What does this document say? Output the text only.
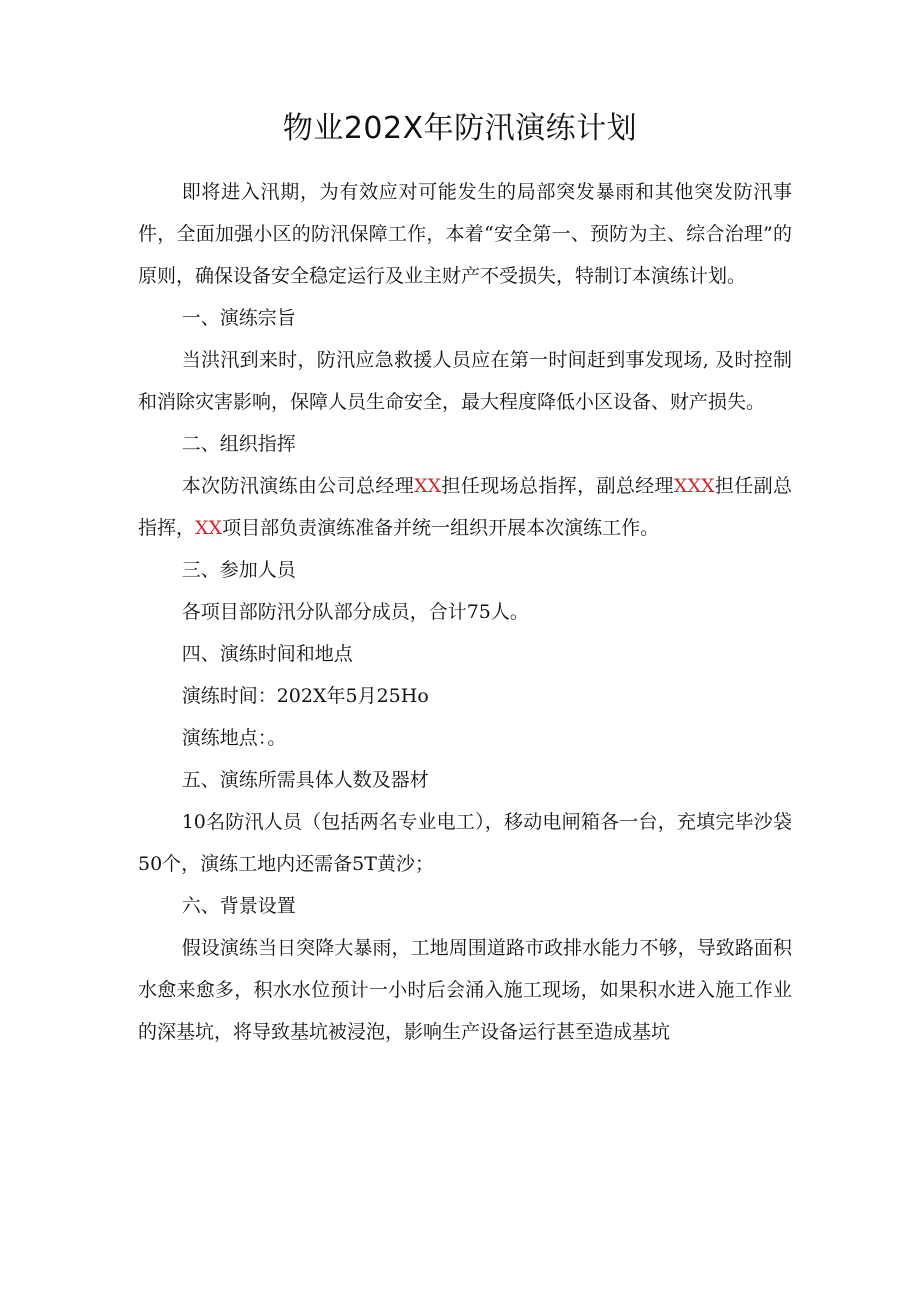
物业202X年防汛演练计划

即将进入汛期，为有效应对可能发生的局部突发暴雨和其他突发防汛事件，全面加强小区的防汛保障工作，本着“安全第一、预防为主、综合治理”的原则，确保设备安全稳定运行及业主财产不受损失，特制订本演练计划。

一、演练宗旨

当洪汛到来时，防汛应急救援人员应在第一时间赶到事发现场, 及时控制和消除灾害影响，保障人员生命安全，最大程度降低小区设备、财产损失。

二、组织指挥

本次防汛演练由公司总经理XX担任现场总指挥，副总经理XXX担任副总指挥，XX项目部负责演练准备并统一组织开展本次演练工作。

三、参加人员

各项目部防汛分队部分成员，合计75人。

四、演练时间和地点

演练时间：202X年5月25Ho

演练地点：。

五、演练所需具体人数及器材

10名防汛人员（包括两名专业电工），移动电闸箱各一台，充填完毕沙袋50个，演练工地内还需备5T黄沙；

六、背景设置

假设演练当日突降大暴雨，工地周围道路市政排水能力不够，导致路面积水愈来愈多，积水水位预计一小时后会涌入施工现场，如果积水进入施工作业的深基坑，将导致基坑被浸泡，影响生产设备运行甚至造成基坑
